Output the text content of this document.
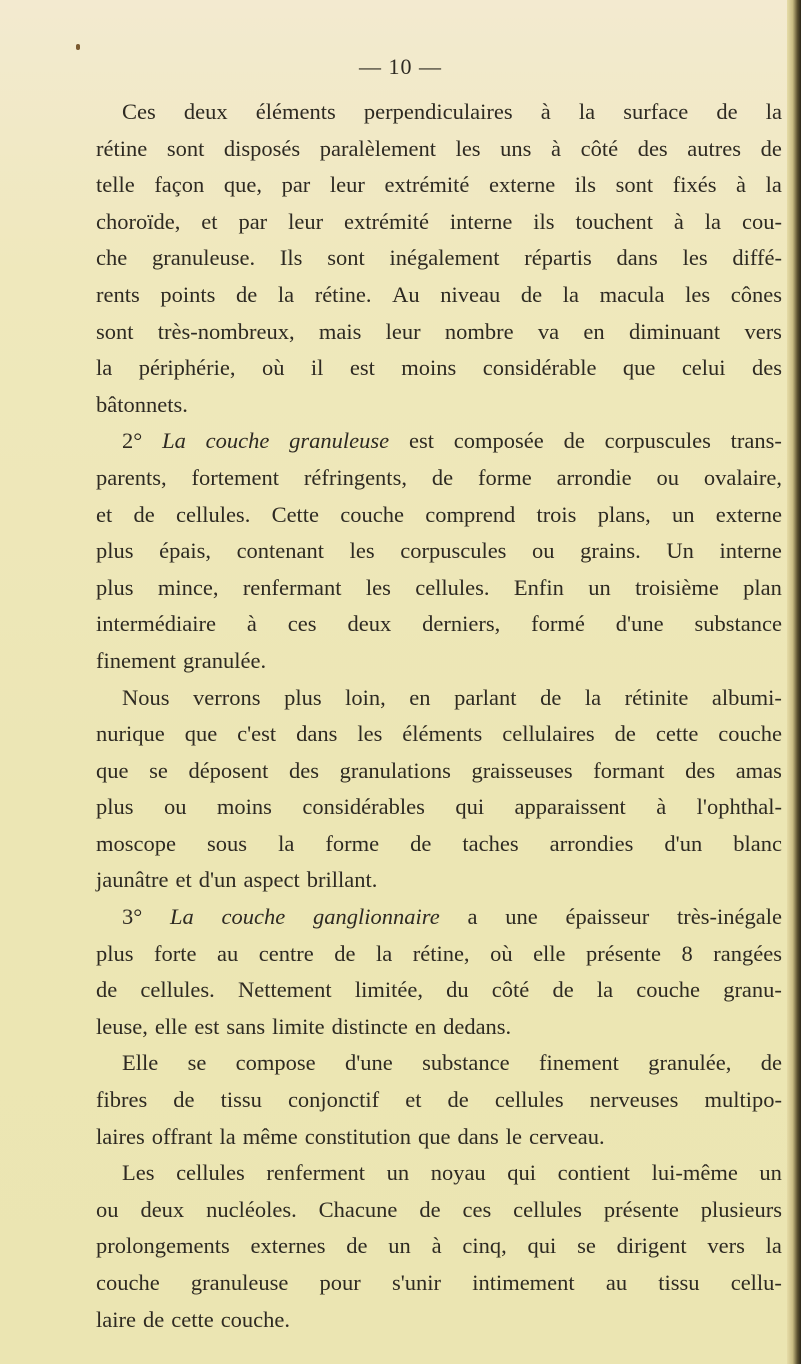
— 10 —
Ces deux éléments perpendiculaires à la surface de la
rétine sont disposés paralèlement les uns à côté des autres de
telle façon que, par leur extrémité externe ils sont fixés à la
choroïde, et par leur extrémité interne ils touchent à la cou-
che granuleuse. Ils sont inégalement répartis dans les diffé-
rents points de la rétine. Au niveau de la macula les cônes
sont très-nombreux, mais leur nombre va en diminuant vers
la périphérie, où il est moins considérable que celui des
bâtonnets.
2° La couche granuleuse est composée de corpuscules trans-
parents, fortement réfringents, de forme arrondie ou ovalaire,
et de cellules. Cette couche comprend trois plans, un externe
plus épais, contenant les corpuscules ou grains. Un interne
plus mince, renfermant les cellules. Enfin un troisième plan
intermédiaire à ces deux derniers, formé d'une substance
finement granulée.
Nous verrons plus loin, en parlant de la rétinite albumi-
nurique que c'est dans les éléments cellulaires de cette couche
que se déposent des granulations graisseuses formant des amas
plus ou moins considérables qui apparaissent à l'ophthal-
moscope sous la forme de taches arrondies d'un blanc
jaunâtre et d'un aspect brillant.
3° La couche ganglionnaire a une épaisseur très-inégale
plus forte au centre de la rétine, où elle présente 8 rangées
de cellules. Nettement limitée, du côté de la couche granu-
leuse, elle est sans limite distincte en dedans.
Elle se compose d'une substance finement granulée, de
fibres de tissu conjonctif et de cellules nerveuses multipo-
laires offrant la même constitution que dans le cerveau.
Les cellules renferment un noyau qui contient lui-même un
ou deux nucléoles. Chacune de ces cellules présente plusieurs
prolongements externes de un à cinq, qui se dirigent vers la
couche granuleuse pour s'unir intimement au tissu cellu-
laire de cette couche.
